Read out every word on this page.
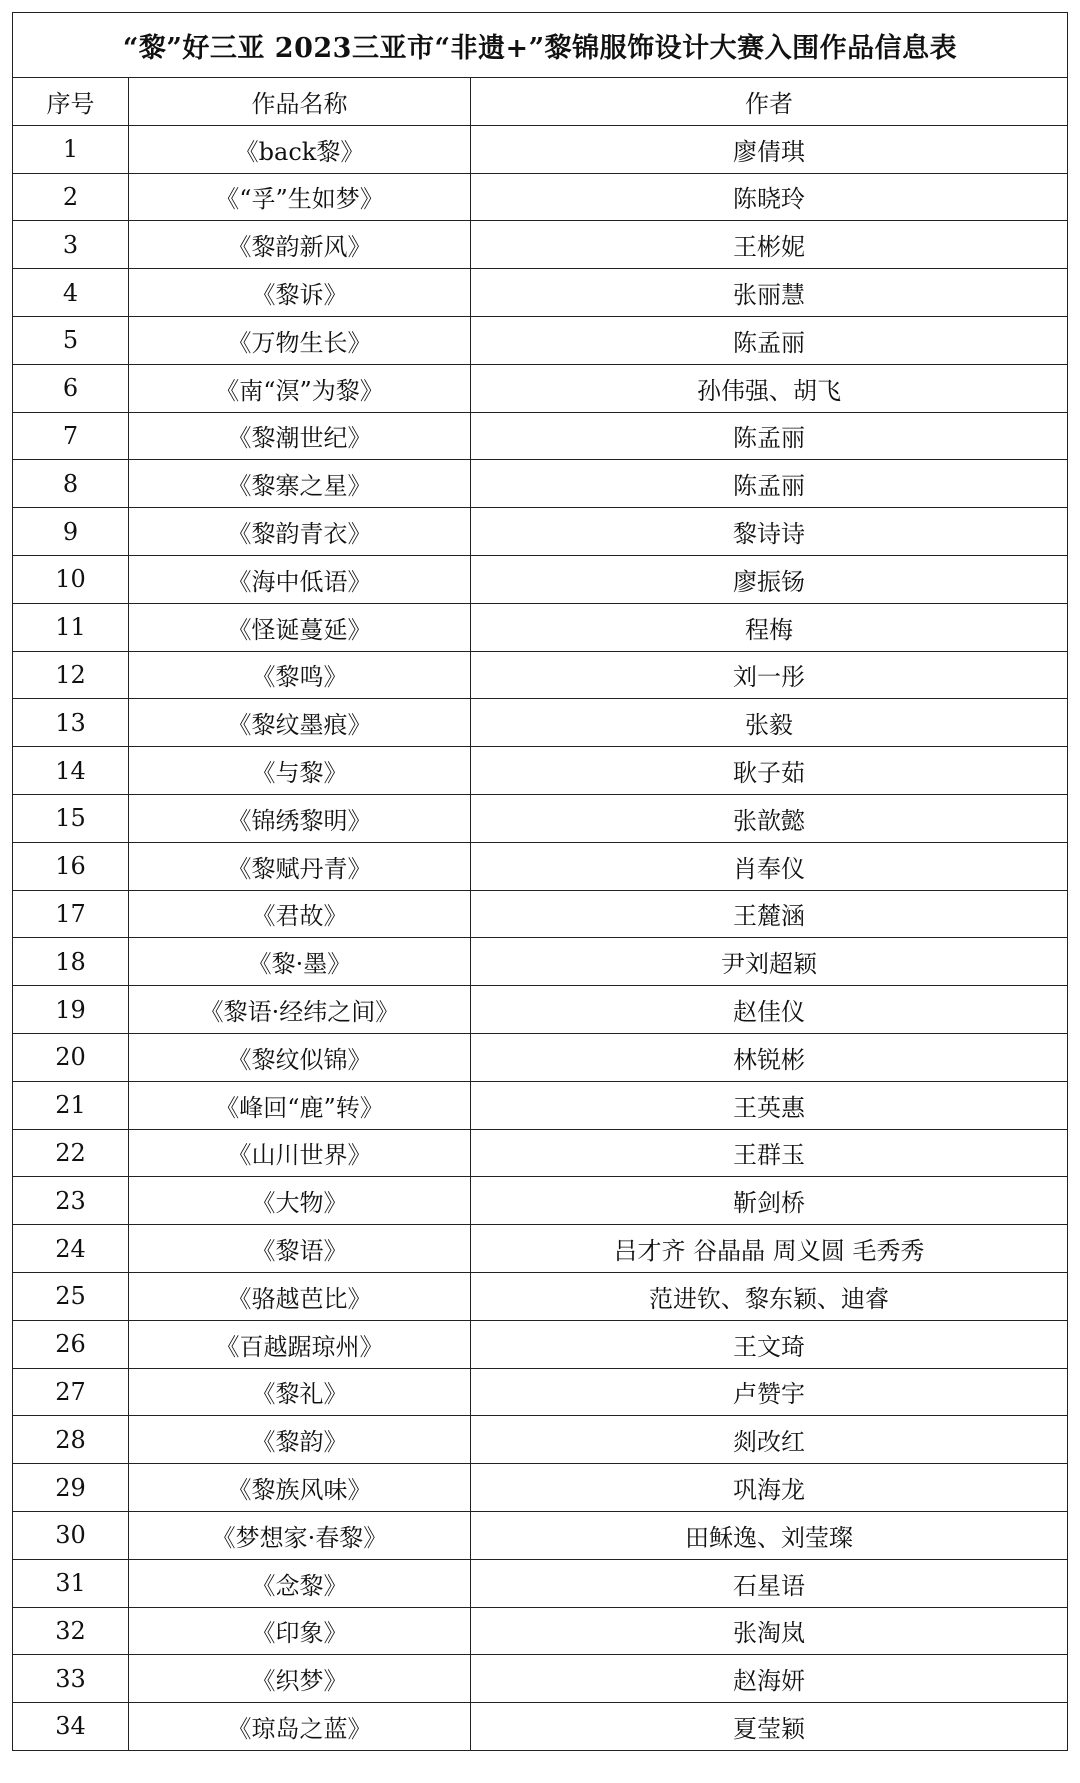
“黎”好三亚 2023三亚市“非遗+”黎锦服饰设计大赛入围作品信息表		
序号	作品名称	作者
1	《back黎》	廖倩琪
2	《“孚”生如梦》	陈晓玲
3	《黎韵新风》	王彬妮
4	《黎诉》	张丽慧
5	《万物生长》	陈孟丽
6	《南“溟”为黎》	孙伟强、胡飞
7	《黎潮世纪》	陈孟丽
8	《黎寨之星》	陈孟丽
9	《黎韵青衣》	黎诗诗
10	《海中低语》	廖振钖
11	《怪诞蔓延》	程梅
12	《黎鸣》	刘一彤
13	《黎纹墨痕》	张毅
14	《与黎》	耿子茹
15	《锦绣黎明》	张歆懿
16	《黎赋丹青》	肖奉仪
17	《君故》	王麓涵
18	《黎·墨》	尹刘超颖
19	《黎语·经纬之间》	赵佳仪
20	《黎纹似锦》	林锐彬
21	《峰回“鹿”转》	王英惠
22	《山川世界》	王群玉
23	《大物》	靳剑桥
24	《黎语》	吕才齐 谷晶晶 周义圆 毛秀秀
25	《骆越芭比》	范进钦、黎东颖、迪睿
26	《百越踞琼州》	王文琦
27	《黎礼》	卢赞宇
28	《黎韵》	剡改红
29	《黎族风味》	巩海龙
30	《梦想家·春黎》	田稣逸、刘莹璨
31	《念黎》	石星语
32	《印象》	张淘岚
33	《织梦》	赵海妍
34	《琼岛之蓝》	夏莹颖
